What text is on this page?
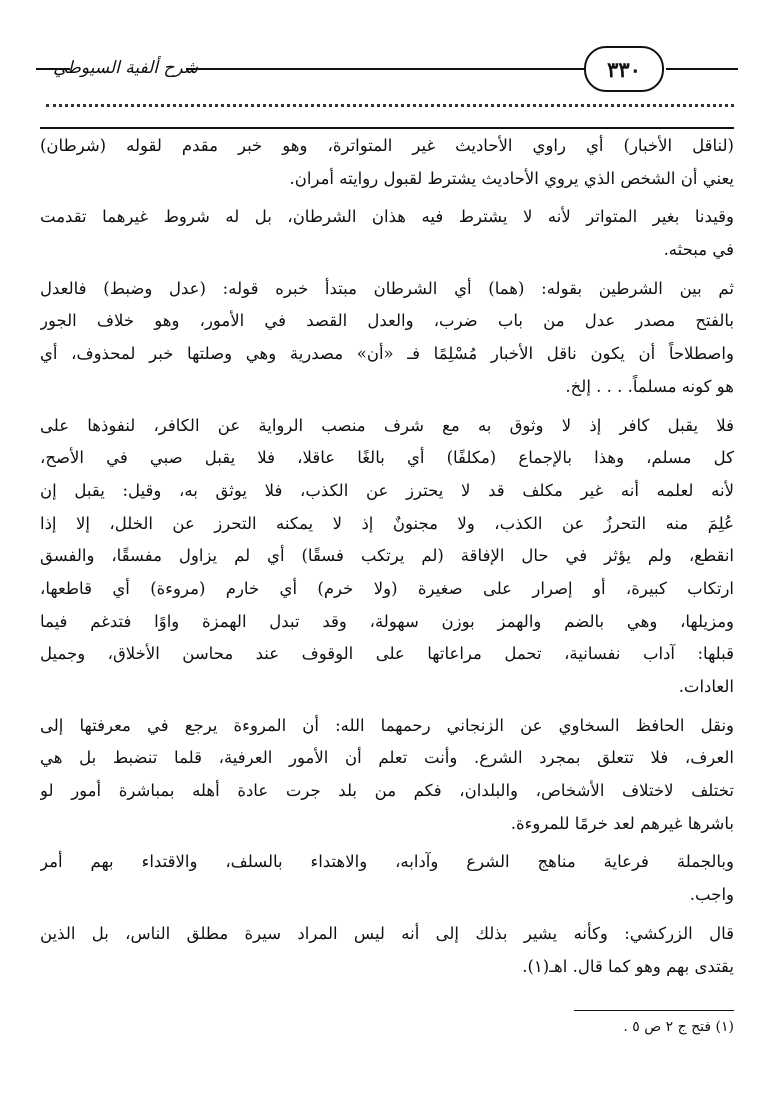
٣٣٠
شرح ألفية السيوطي
(لناقل الأخبار) أي راوي الأحاديث غير المتواترة، وهو خبر مقدم لقوله (شرطان)
يعني أن الشخص الذي يروي الأحاديث يشترط لقبول روايته أمران.
وقيدنا بغير المتواتر لأنه لا يشترط فيه هذان الشرطان، بل له شروط غيرهما تقدمت
في مبحثه.
ثم بين الشرطين بقوله: (هما) أي الشرطان مبتدأ خبره قوله: (عدل وضبط) فالعدل
بالفتح مصدر عدل من باب ضرب، والعدل القصد في الأمور، وهو خلاف الجور
واصطلاحاً أن يكون ناقل الأخبار مُسْلِمًا فـ «أن» مصدرية وهي وصلتها خبر لمحذوف، أي
هو كونه مسلماً. . . . إلخ.
فلا يقبل كافر إذ لا وثوق به مع شرف منصب الرواية عن الكافر، لنفوذها على
كل مسلم، وهذا بالإجماع (مكلفًا) أي بالغًا عاقلا، فلا يقبل صبي في الأصح،
لأنه لعلمه أنه غير مكلف قد لا يحترز عن الكذب، فلا يوثق به، وقيل: يقبل إن
عُلِمَ منه التحرزُ عن الكذب، ولا مجنونٌ إذ لا يمكنه التحرز عن الخلل، إلا إذا
انقطع، ولم يؤثر في حال الإفاقة (لم يرتكب فسقًا) أي لم يزاول مفسقًا، والفسق
ارتكاب كبيرة، أو إصرار على صغيرة (ولا خرم) أي خارم (مروءة) أي قاطعها،
ومزيلها، وهي بالضم والهمز بوزن سهولة، وقد تبدل الهمزة واوًا فتدغم فيما
قبلها: آداب نفسانية، تحمل مراعاتها على الوقوف عند محاسن الأخلاق، وجميل
العادات.
ونقل الحافظ السخاوي عن الزنجاني رحمهما الله: أن المروءة يرجع في معرفتها إلى
العرف، فلا تتعلق بمجرد الشرع. وأنت تعلم أن الأمور العرفية، قلما تنضبط بل هي
تختلف لاختلاف الأشخاص، والبلدان، فكم من بلد جرت عادة أهله بمباشرة أمور لو
باشرها غيرهم لعد خرمًا للمروءة.
وبالجملة فرعاية مناهج الشرع وآدابه، والاهتداء بالسلف، والاقتداء بهم أمر
واجب.
قال الزركشي: وكأنه يشير بذلك إلى أنه ليس المراد سيرة مطلق الناس، بل الذين
يقتدى بهم وهو كما قال. اهـ(١).
(١) فتح ج ٢ ص ٥ .
